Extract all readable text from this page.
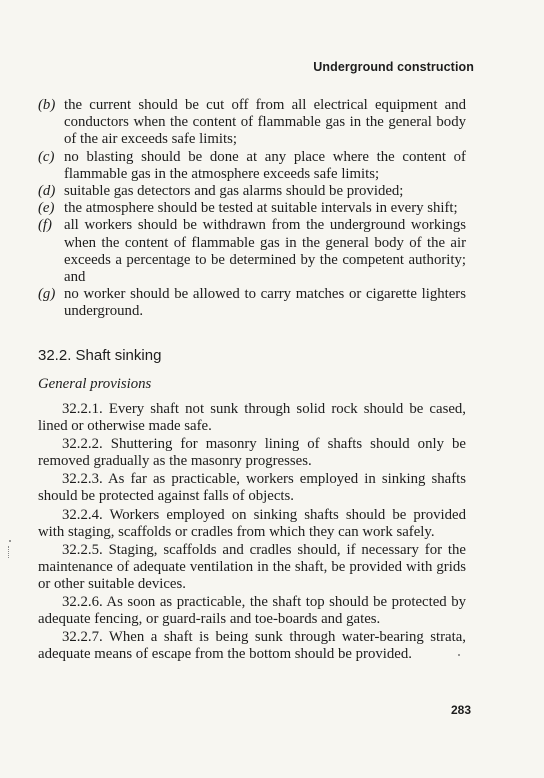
Underground construction
(b) the current should be cut off from all electrical equipment and conductors when the content of flammable gas in the general body of the air exceeds safe limits;
(c) no blasting should be done at any place where the content of flammable gas in the atmosphere exceeds safe limits;
(d) suitable gas detectors and gas alarms should be provided;
(e) the atmosphere should be tested at suitable intervals in every shift;
(f) all workers should be withdrawn from the underground workings when the content of flammable gas in the general body of the air exceeds a percentage to be determined by the competent authority; and
(g) no worker should be allowed to carry matches or cigarette lighters underground.
32.2. Shaft sinking
General provisions

32.2.1. Every shaft not sunk through solid rock should be cased, lined or otherwise made safe.

32.2.2. Shuttering for masonry lining of shafts should only be removed gradually as the masonry progresses.

32.2.3. As far as practicable, workers employed in sinking shafts should be protected against falls of objects.

32.2.4. Workers employed on sinking shafts should be provided with staging, scaffolds or cradles from which they can work safely.

32.2.5. Staging, scaffolds and cradles should, if necessary for the maintenance of adequate ventilation in the shaft, be provided with grids or other suitable devices.

32.2.6. As soon as practicable, the shaft top should be protected by adequate fencing, or guard-rails and toe-boards and gates.

32.2.7. When a shaft is being sunk through water-bearing strata, adequate means of escape from the bottom should be provided.

283
